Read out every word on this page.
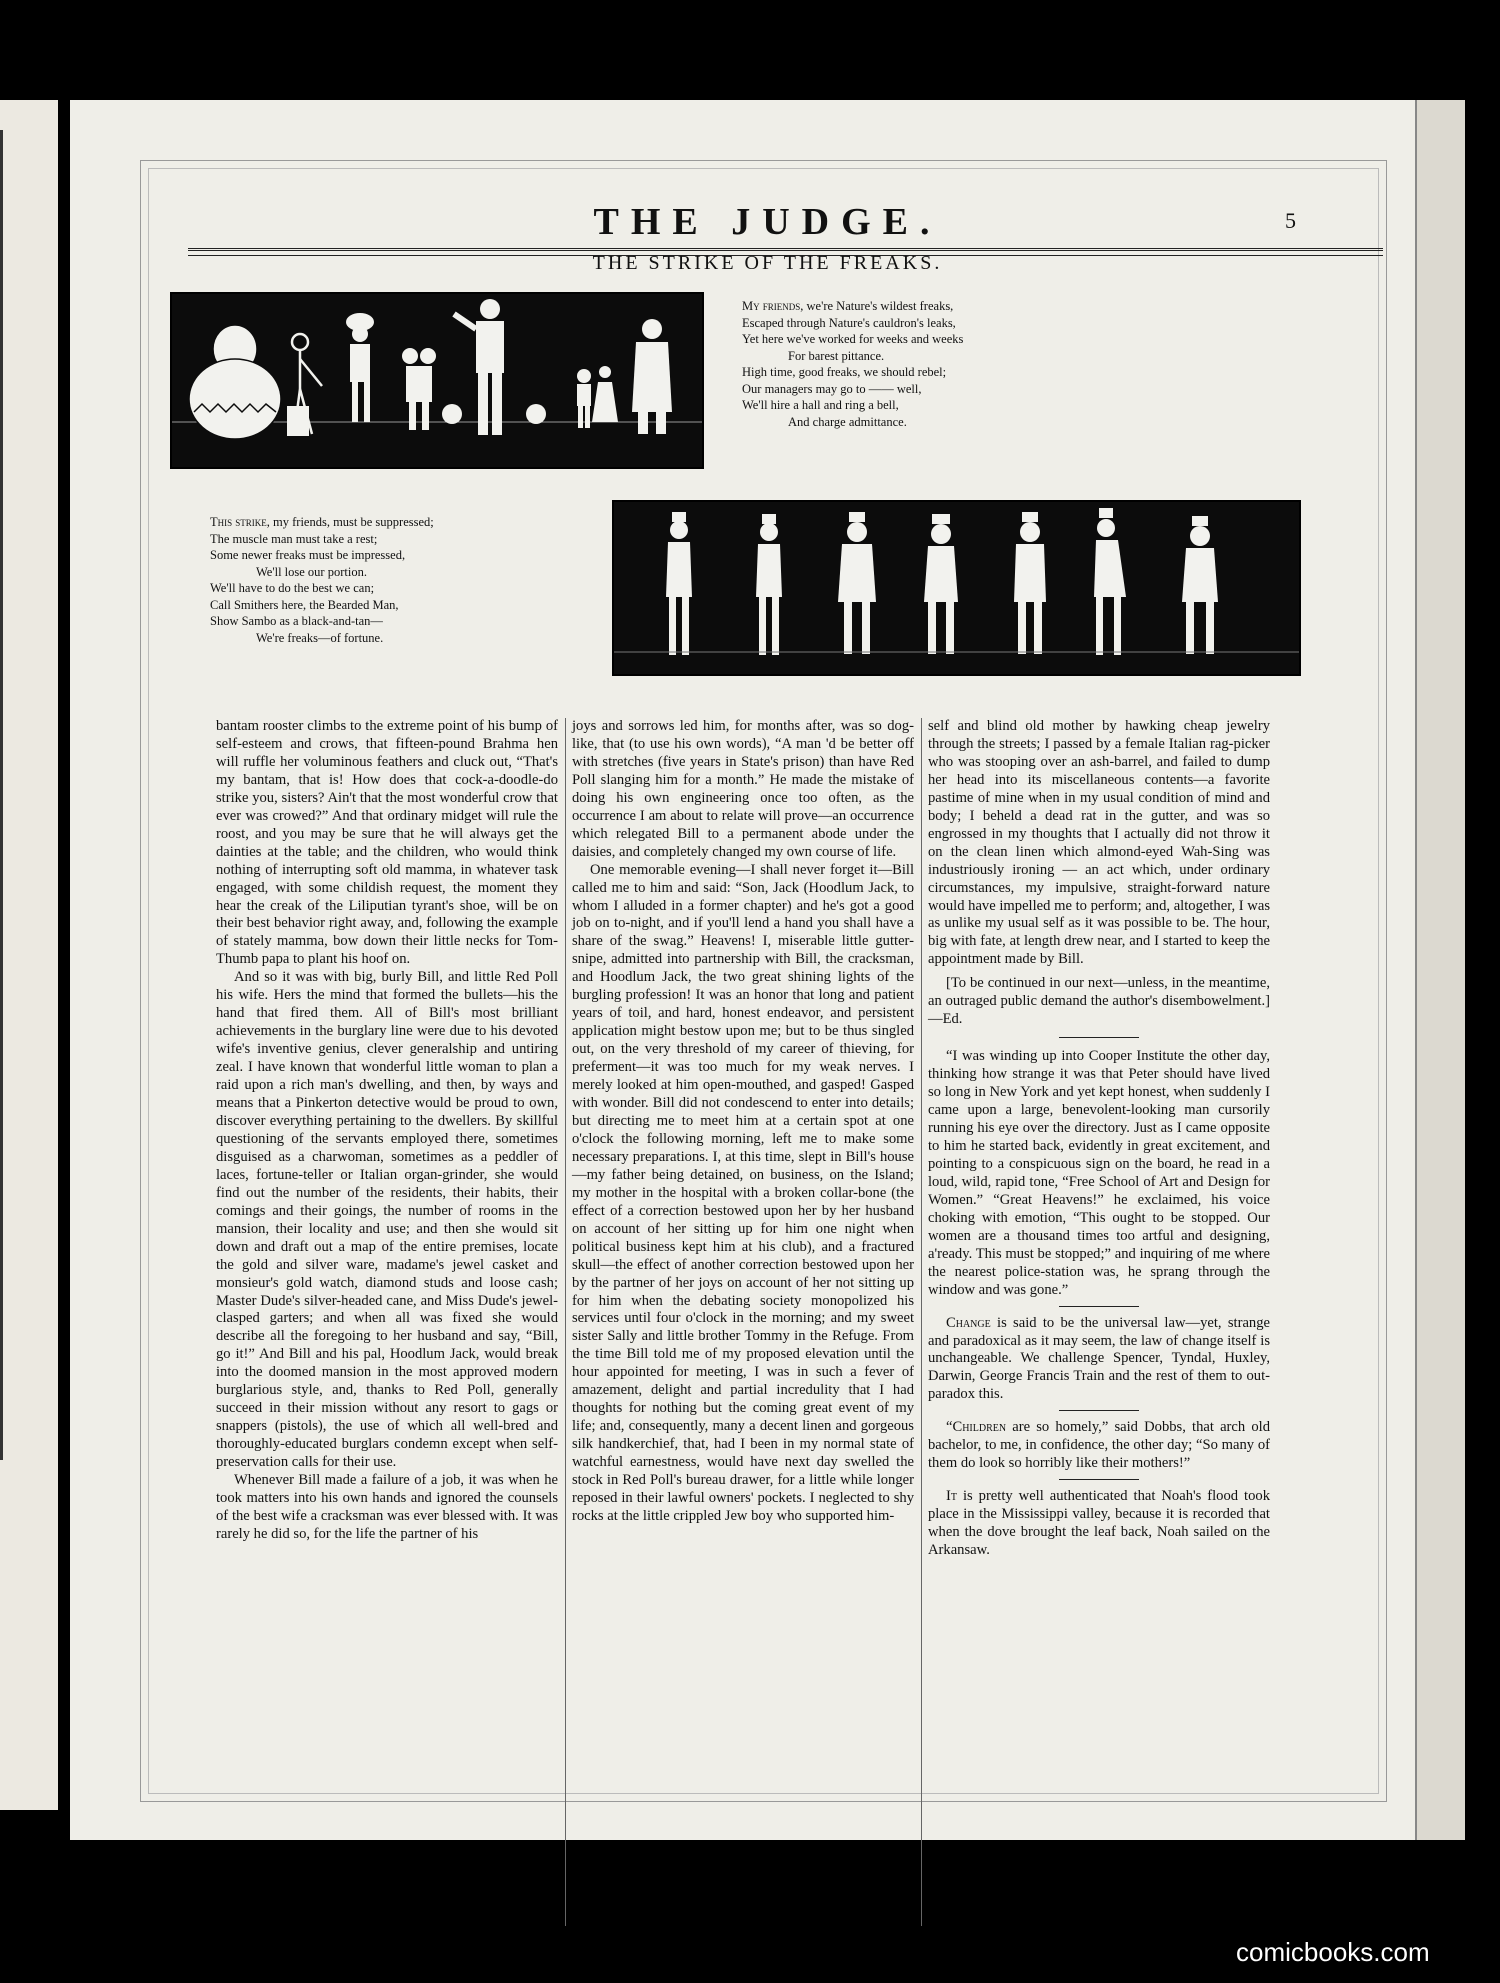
THE JUDGE.	5
THE STRIKE OF THE FREAKS.
My friends, we're Nature's wildest freaks,
Escaped through Nature's cauldron's leaks,
Yet here we've worked for weeks and weeks
For barest pittance.
High time, good freaks, we should rebel;
Our managers may go to —— well,
We'll hire a hall and ring a bell,
And charge admittance.
This strike, my friends, must be suppressed;
The muscle man must take a rest;
Some newer freaks must be impressed,
We'll lose our portion.
We'll have to do the best we can;
Call Smithers here, the Bearded Man,
Show Sambo as a black-and-tan—
We're freaks—of fortune.

bantam rooster climbs to the extreme point of his bump of self-esteem and crows, that fifteen-pound Brahma hen will ruffle her voluminous feathers and cluck out, “That's my bantam, that is! How does that cock-a-doodle-do strike you, sisters? Ain't that the most wonderful crow that ever was crowed?” And that ordinary midget will rule the roost, and you may be sure that he will always get the dainties at the table; and the children, who would think nothing of interrupting soft old mamma, in whatever task engaged, with some childish request, the moment they hear the creak of the Liliputian tyrant's shoe, will be on their best behavior right away, and, following the example of stately mamma, bow down their little necks for Tom-Thumb papa to plant his hoof on.

And so it was with big, burly Bill, and little Red Poll his wife. Hers the mind that formed the bullets—his the hand that fired them. All of Bill's most brilliant achievements in the burglary line were due to his devoted wife's inventive genius, clever generalship and untiring zeal. I have known that wonderful little woman to plan a raid upon a rich man's dwelling, and then, by ways and means that a Pinkerton detective would be proud to own, discover everything pertaining to the dwellers. By skillful questioning of the servants employed there, sometimes disguised as a charwoman, sometimes as a peddler of laces, fortune-teller or Italian organ-grinder, she would find out the number of the residents, their habits, their comings and their goings, the number of rooms in the mansion, their locality and use; and then she would sit down and draft out a map of the entire premises, locate the gold and silver ware, madame's jewel casket and monsieur's gold watch, diamond studs and loose cash; Master Dude's silver-headed cane, and Miss Dude's jewel-clasped garters; and when all was fixed she would describe all the foregoing to her husband and say, “Bill, go it!” And Bill and his pal, Hoodlum Jack, would break into the doomed mansion in the most approved modern burglarious style, and, thanks to Red Poll, generally succeed in their mission without any resort to gags or snappers (pistols), the use of which all well-bred and thoroughly-educated burglars condemn except when self-preservation calls for their use.

Whenever Bill made a failure of a job, it was when he took matters into his own hands and ignored the counsels of the best wife a cracksman was ever blessed with. It was rarely he did so, for the life the partner of his

joys and sorrows led him, for months after, was so dog-like, that (to use his own words), “A man 'd be better off with stretches (five years in State's prison) than have Red Poll slanging him for a month.” He made the mistake of doing his own engineering once too often, as the occurrence I am about to relate will prove—an occurrence which relegated Bill to a permanent abode under the daisies, and completely changed my own course of life.

One memorable evening—I shall never forget it—Bill called me to him and said: “Son, Jack (Hoodlum Jack, to whom I alluded in a former chapter) and he's got a good job on to-night, and if you'll lend a hand you shall have a share of the swag.” Heavens! I, miserable little gutter-snipe, admitted into partnership with Bill, the cracksman, and Hoodlum Jack, the two great shining lights of the burgling profession! It was an honor that long and patient years of toil, and hard, honest endeavor, and persistent application might bestow upon me; but to be thus singled out, on the very threshold of my career of thieving, for preferment—it was too much for my weak nerves. I merely looked at him open-mouthed, and gasped! Gasped with wonder. Bill did not condescend to enter into details; but directing me to meet him at a certain spot at one o'clock the following morning, left me to make some necessary preparations. I, at this time, slept in Bill's house—my father being detained, on business, on the Island; my mother in the hospital with a broken collar-bone (the effect of a correction bestowed upon her by her husband on account of her sitting up for him one night when political business kept him at his club), and a fractured skull—the effect of another correction bestowed upon her by the partner of her joys on account of her not sitting up for him when the debating society monopolized his services until four o'clock in the morning; and my sweet sister Sally and little brother Tommy in the Refuge. From the time Bill told me of my proposed elevation until the hour appointed for meeting, I was in such a fever of amazement, delight and partial incredulity that I had thoughts for nothing but the coming great event of my life; and, consequently, many a decent linen and gorgeous silk handkerchief, that, had I been in my normal state of watchful earnestness, would have next day swelled the stock in Red Poll's bureau drawer, for a little while longer reposed in their lawful owners' pockets. I neglected to shy rocks at the little crippled Jew boy who supported him-

self and blind old mother by hawking cheap jewelry through the streets; I passed by a female Italian rag-picker who was stooping over an ash-barrel, and failed to dump her head into its miscellaneous contents—a favorite pastime of mine when in my usual condition of mind and body; I beheld a dead rat in the gutter, and was so engrossed in my thoughts that I actually did not throw it on the clean linen which almond-eyed Wah-Sing was industriously ironing — an act which, under ordinary circumstances, my impulsive, straight-forward nature would have impelled me to perform; and, altogether, I was as unlike my usual self as it was possible to be. The hour, big with fate, at length drew near, and I started to keep the appointment made by Bill.

[To be continued in our next—unless, in the meantime, an outraged public demand the author's disembowelment.]—Ed.

“I was winding up into Cooper Institute the other day, thinking how strange it was that Peter should have lived so long in New York and yet kept honest, when suddenly I came upon a large, benevolent-looking man cursorily running his eye over the directory. Just as I came opposite to him he started back, evidently in great excitement, and pointing to a conspicuous sign on the board, he read in a loud, wild, rapid tone, “Free School of Art and Design for Women.” “Great Heavens!” he exclaimed, his voice choking with emotion, “This ought to be stopped. Our women are a thousand times too artful and designing, a'ready. This must be stopped;” and inquiring of me where the nearest police-station was, he sprang through the window and was gone.”

Change is said to be the universal law—yet, strange and paradoxical as it may seem, the law of change itself is unchangeable. We challenge Spencer, Tyndal, Huxley, Darwin, George Francis Train and the rest of them to out-paradox this.

“Children are so homely,” said Dobbs, that arch old bachelor, to me, in confidence, the other day; “So many of them do look so horribly like their mothers!”

It is pretty well authenticated that Noah's flood took place in the Mississippi valley, because it is recorded that when the dove brought the leaf back, Noah sailed on the Arkansaw.

comicbooks.com
